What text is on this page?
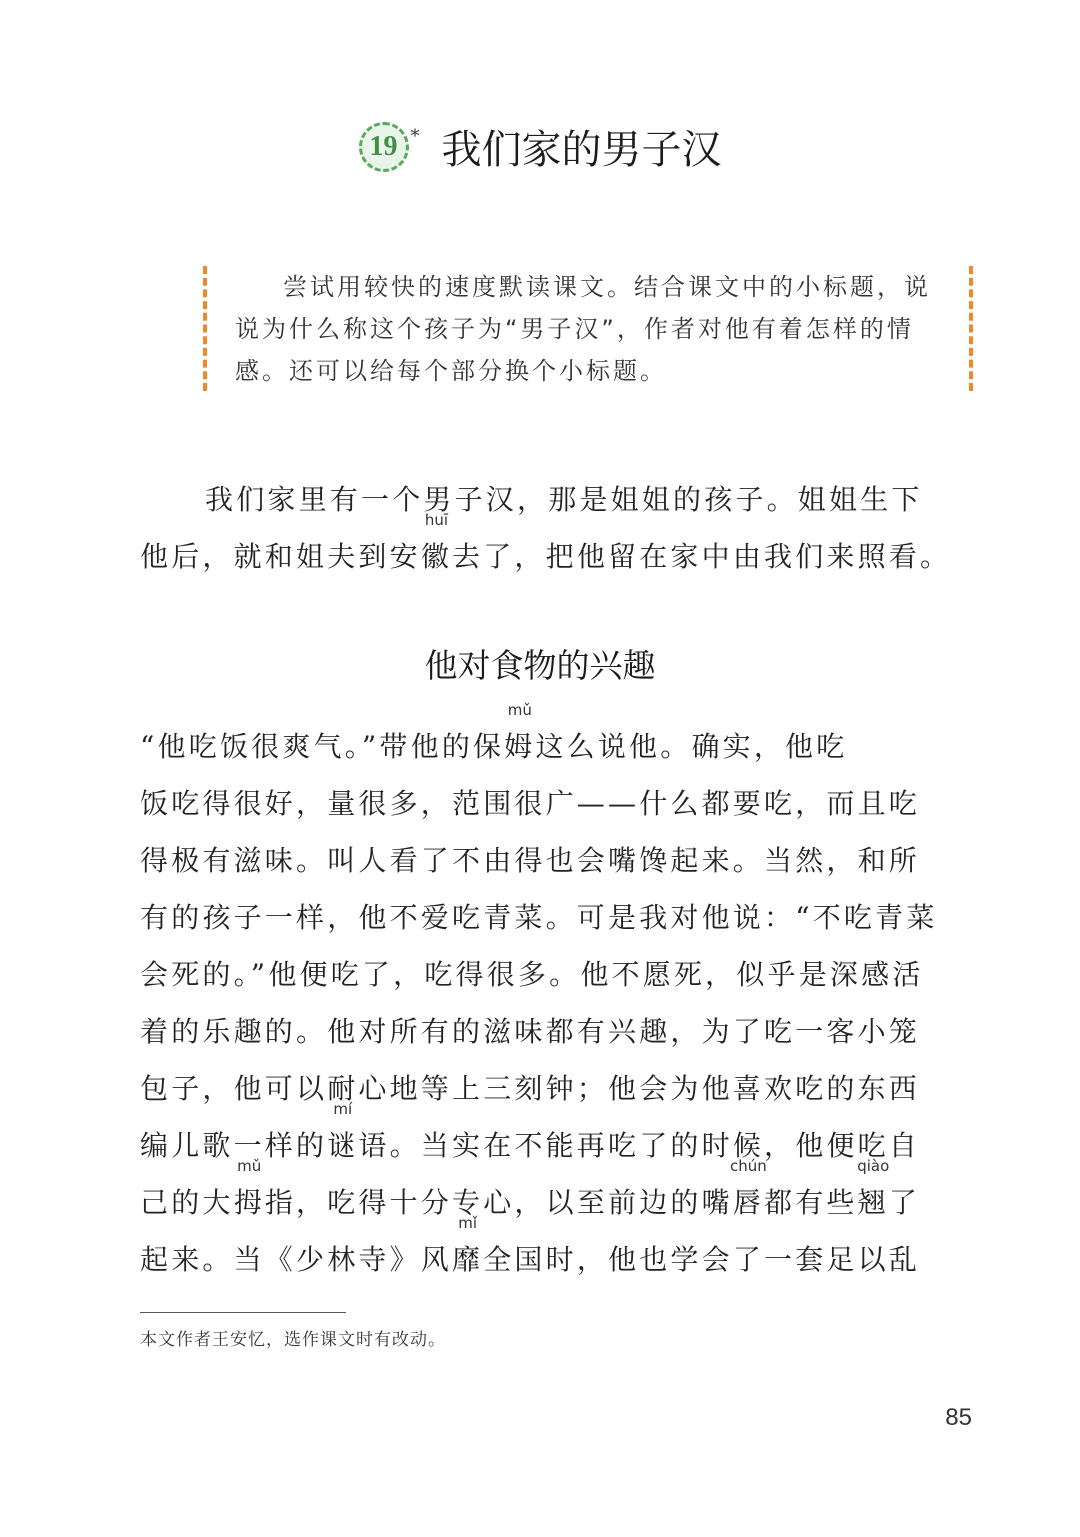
19 * 我们家的男子汉

尝试用较快的速度默读课文。结合课文中的小标题，说说为什么称这个孩子为“男子汉”，作者对他有着怎样的情感。还可以给每个部分换个小标题。

我们家里有一个男子汉，那是姐姐的孩子。姐姐生下
他后，就和姐夫到安
huī
徽去了，把他留在家中由我们来照看。
他对食物的兴趣
“他吃饭很爽气。”带他的保
mǔ
姆这么说他。确实，他吃
饭吃得很好，量很多，范围很广——什么都要吃，而且吃
得极有滋味。叫人看了不由得也会嘴馋起来。当然，和所
有的孩子一样，他不爱吃青菜。可是我对他说：“不吃青菜
会死的。”他便吃了，吃得很多。他不愿死，似乎是深感活
着的乐趣的。他对所有的滋味都有兴趣，为了吃一客小笼
包子，他可以耐心地等上三刻钟；他会为他喜欢吃的东西
编儿歌一样的
mí
谜语。当实在不能再吃了的时候，他便吃自
己的大
mǔ
拇指，吃得十分专心，以至前边的嘴
chún
唇都有些
qiào
翘了
起来。当《少林寺》风
mǐ
靡全国时，他也学会了一套足以乱
本文作者王安忆，选作课文时有改动。
85
